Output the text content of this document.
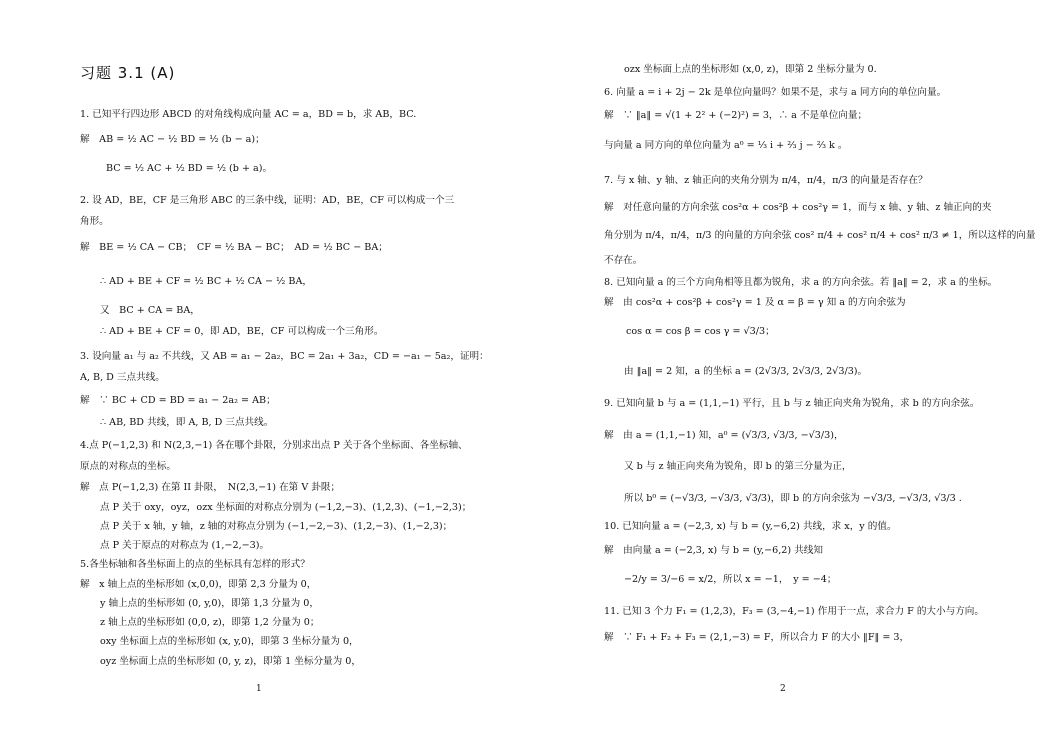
习题 3.1 (A)
1. 已知平行四边形 ABCD 的对角线构成向量 AC = a，BD = b，求 AB，BC.
解　AB = ½ AC − ½ BD = ½ (b − a)；
BC = ½ AC + ½ BD = ½ (b + a)。
2. 设 AD，BE，CF 是三角形 ABC 的三条中线，证明：AD，BE，CF 可以构成一个三
角形。
解　BE = ½ CA − CB；　CF = ½ BA − BC；　AD = ½ BC − BA；
∴ AD + BE + CF = ½ BC + ½ CA − ½ BA，
又　BC + CA = BA，
∴ AD + BE + CF = 0，即 AD，BE，CF 可以构成一个三角形。
3. 设向量 a₁ 与 a₂ 不共线，又 AB = a₁ − 2a₂，BC = 2a₁ + 3a₂，CD = −a₁ − 5a₂，证明：
A, B, D 三点共线。
解　∵ BC + CD = BD = a₁ − 2a₂ = AB；
∴ AB, BD 共线，即 A, B, D 三点共线。
4.点 P(−1,2,3) 和 N(2,3,−1) 各在哪个卦限，分别求出点 P 关于各个坐标面、各坐标轴、
原点的对称点的坐标。
解　点 P(−1,2,3) 在第 II 卦限，　N(2,3,−1) 在第 V 卦限；
点 P 关于 oxy，oyz，ozx 坐标面的对称点分别为 (−1,2,−3)、(1,2,3)、(−1,−2,3)；
点 P 关于 x 轴，y 轴，z 轴的对称点分别为 (−1,−2,−3)、(1,2,−3)、(1,−2,3)；
点 P 关于原点的对称点为 (1,−2,−3)。
5.各坐标轴和各坐标面上的点的坐标具有怎样的形式？
解　x 轴上点的坐标形如 (x,0,0)，即第 2,3 分量为 0，
y 轴上点的坐标形如 (0, y,0)，即第 1,3 分量为 0，
z 轴上点的坐标形如 (0,0, z)，即第 1,2 分量为 0；
oxy 坐标面上点的坐标形如 (x, y,0)，即第 3 坐标分量为 0，
oyz 坐标面上点的坐标形如 (0, y, z)，即第 1 坐标分量为 0，
1
ozx 坐标面上点的坐标形如 (x,0, z)，即第 2 坐标分量为 0.
6. 向量 a = i + 2j − 2k 是单位向量吗？如果不是，求与 a 同方向的单位向量。
解　∵ ‖a‖ = √(1 + 2² + (−2)²) = 3，∴ a 不是单位向量；
与向量 a 同方向的单位向量为 a⁰ = ⅓ i + ⅔ j − ⅔ k 。
7. 与 x 轴、y 轴、z 轴正向的夹角分别为 π/4，π/4，π/3 的向量是否存在？
解　对任意向量的方向余弦 cos²α + cos²β + cos²γ = 1，而与 x 轴、y 轴、z 轴正向的夹
角分别为 π/4，π/4，π/3 的向量的方向余弦 cos² π/4 + cos² π/4 + cos² π/3 ≠ 1，所以这样的向量
不存在。
8. 已知向量 a 的三个方向角相等且都为锐角，求 a 的方向余弦。若 ‖a‖ = 2，求 a 的坐标。
解　由 cos²α + cos²β + cos²γ = 1 及 α = β = γ 知 a 的方向余弦为
cos α = cos β = cos γ = √3/3；
由 ‖a‖ = 2 知，a 的坐标 a = (2√3/3, 2√3/3, 2√3/3)。
9. 已知向量 b 与 a = (1,1,−1) 平行，且 b 与 z 轴正向夹角为锐角，求 b 的方向余弦。
解　由 a = (1,1,−1) 知，a⁰ = (√3/3, √3/3, −√3/3)，
又 b 与 z 轴正向夹角为锐角，即 b 的第三分量为正，
所以 b⁰ = (−√3/3, −√3/3, √3/3)，即 b 的方向余弦为 −√3/3, −√3/3, √3/3 .
10. 已知向量 a = (−2,3, x) 与 b = (y,−6,2) 共线，求 x，y 的值。
解　由向量 a = (−2,3, x) 与 b = (y,−6,2) 共线知
−2/y = 3/−6 = x/2，所以 x = −1，　y = −4；
11. 已知 3 个力 F₁ = (1,2,3)，F₃ = (3,−4,−1) 作用于一点，求合力 F 的大小与方向。
解　∵ F₁ + F₂ + F₃ = (2,1,−3) = F，所以合力 F 的大小 ‖F‖ = 3，
2
